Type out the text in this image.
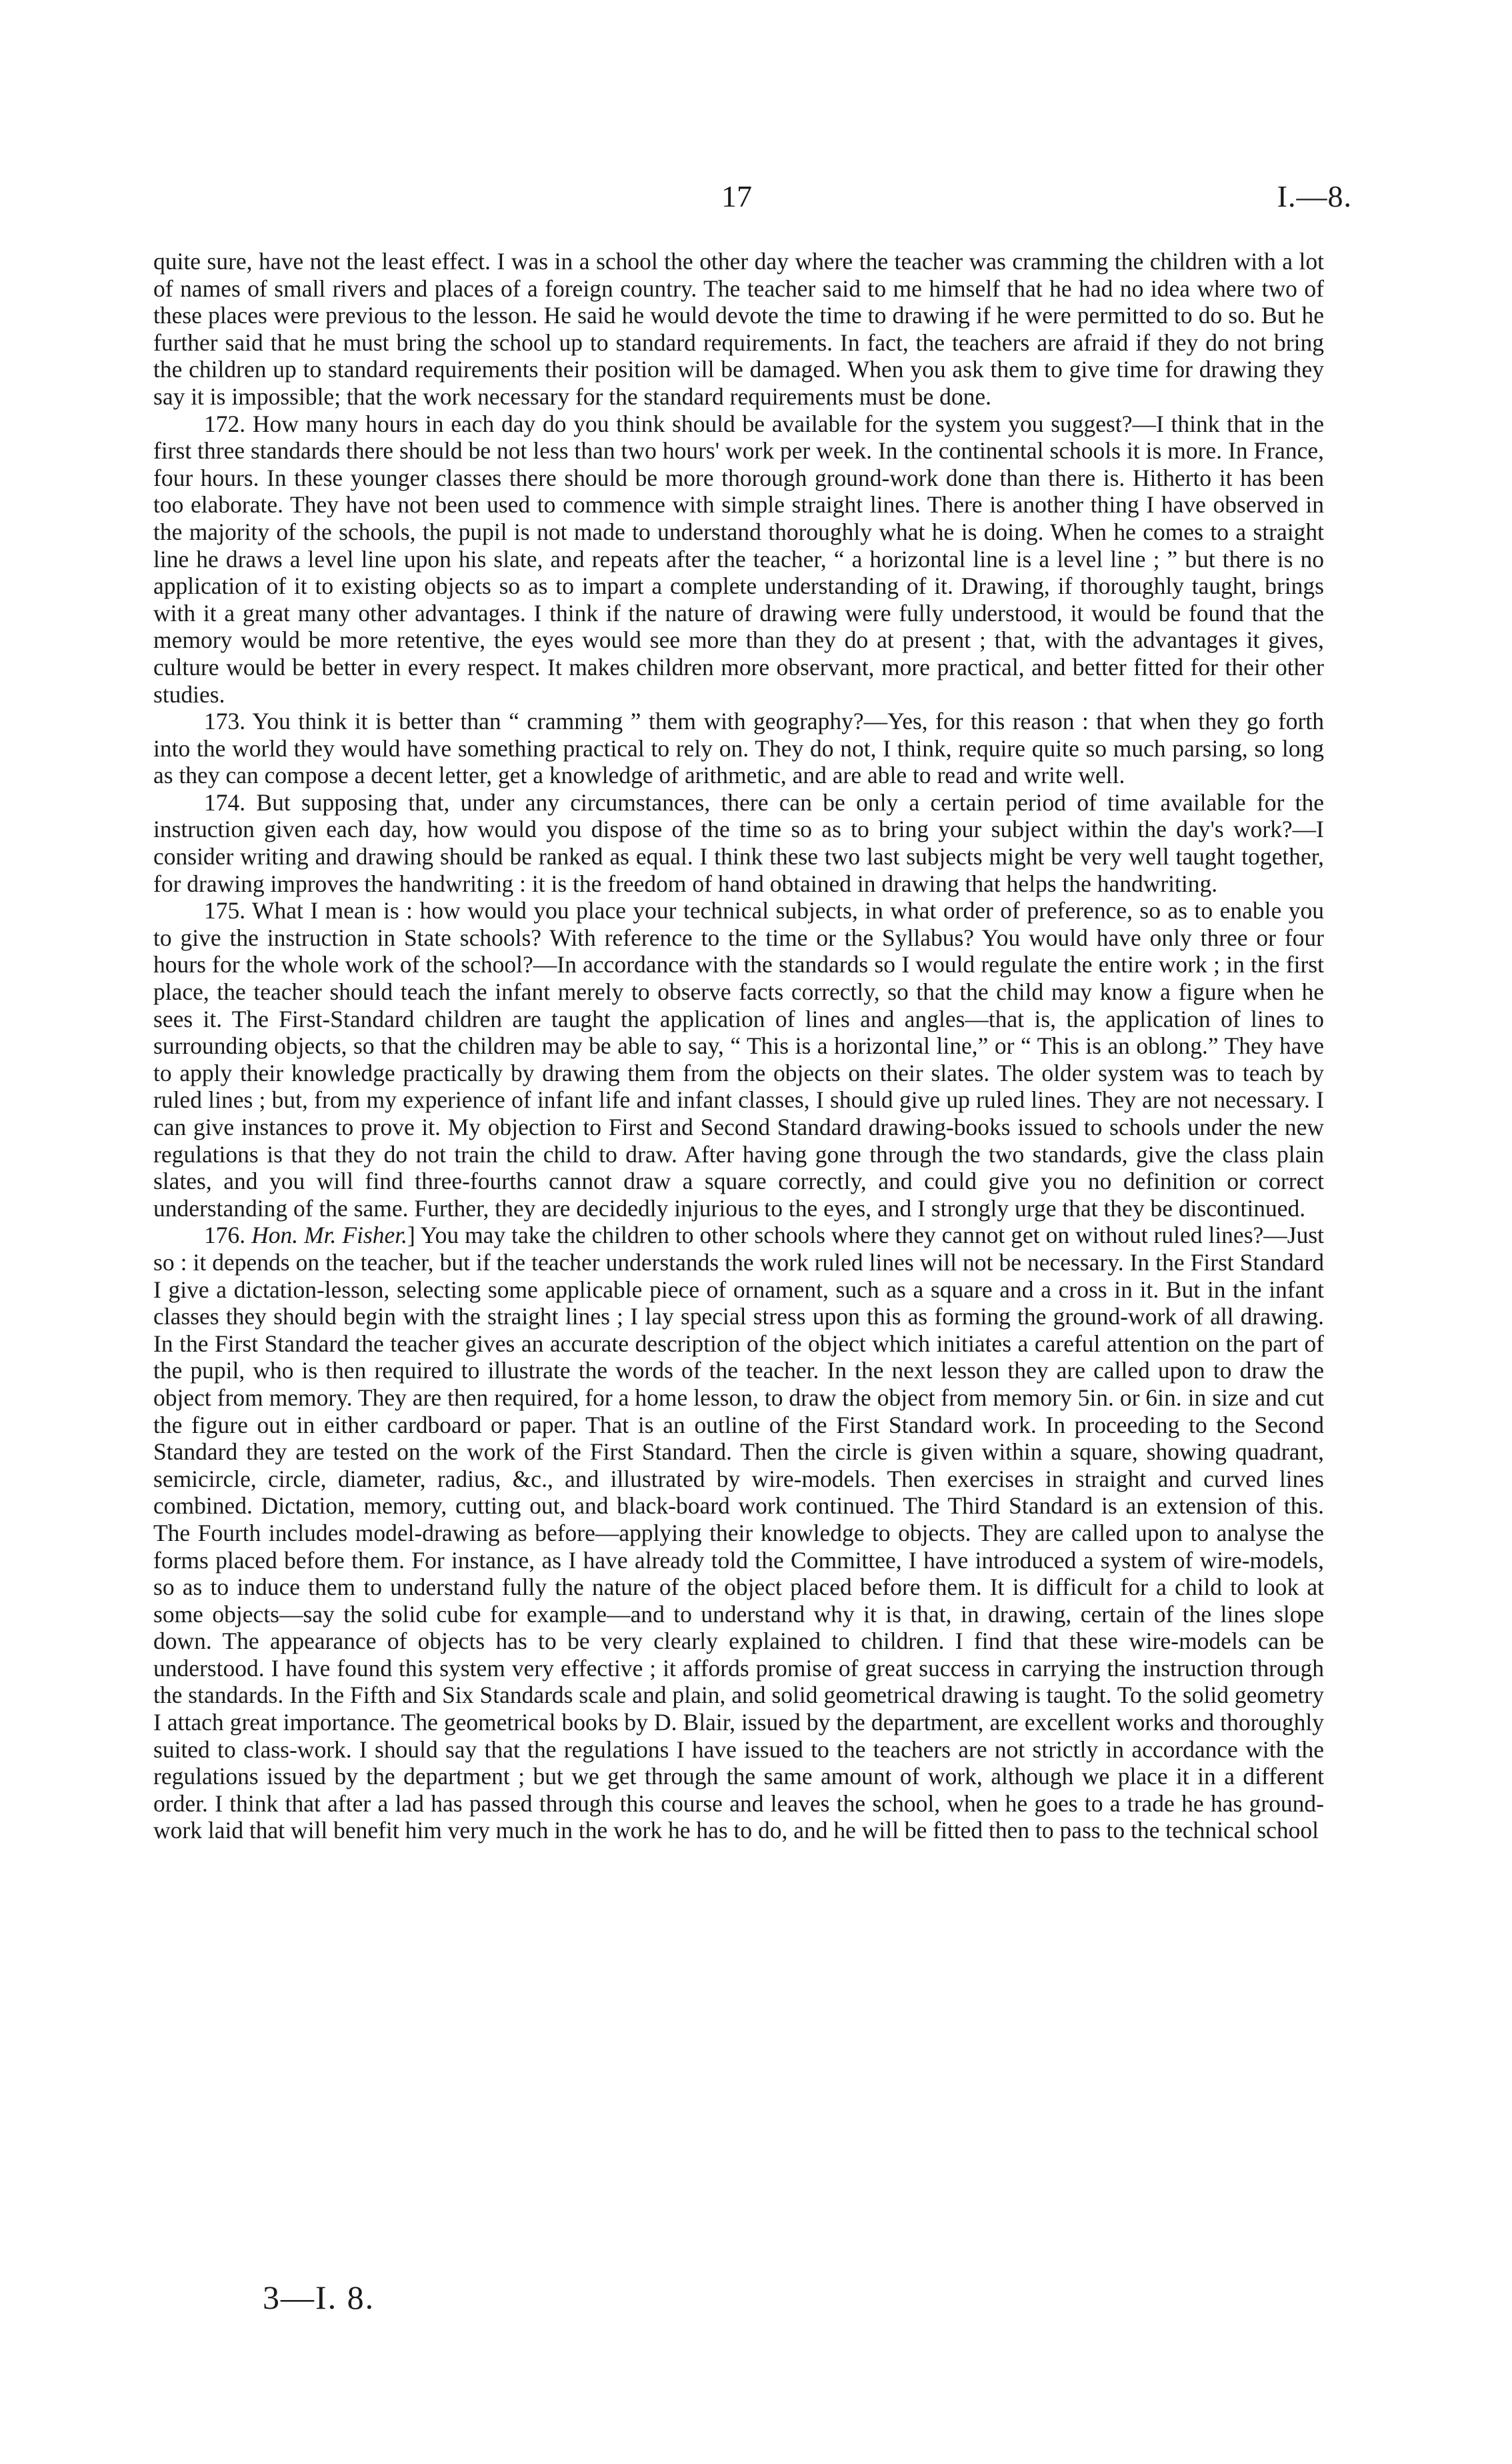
17	I.—8.

quite sure, have not the least effect. I was in a school the other day where the teacher was cramming the children with a lot of names of small rivers and places of a foreign country. The teacher said to me himself that he had no idea where two of these places were previous to the lesson. He said he would devote the time to drawing if he were permitted to do so. But he further said that he must bring the school up to standard requirements. In fact, the teachers are afraid if they do not bring the children up to standard requirements their position will be damaged. When you ask them to give time for drawing they say it is impossible; that the work necessary for the standard requirements must be done.

172. How many hours in each day do you think should be available for the system you suggest?—I think that in the first three standards there should be not less than two hours' work per week. In the continental schools it is more. In France, four hours. In these younger classes there should be more thorough ground-work done than there is. Hitherto it has been too elaborate. They have not been used to commence with simple straight lines. There is another thing I have observed in the majority of the schools, the pupil is not made to understand thoroughly what he is doing. When he comes to a straight line he draws a level line upon his slate, and repeats after the teacher, “ a horizontal line is a level line ; ” but there is no application of it to existing objects so as to impart a complete understanding of it. Drawing, if thoroughly taught, brings with it a great many other advantages. I think if the nature of drawing were fully understood, it would be found that the memory would be more retentive, the eyes would see more than they do at present ; that, with the advantages it gives, culture would be better in every respect. It makes children more observant, more practical, and better fitted for their other studies.

173. You think it is better than “ cramming ” them with geography?—Yes, for this reason : that when they go forth into the world they would have something practical to rely on. They do not, I think, require quite so much parsing, so long as they can compose a decent letter, get a knowledge of arithmetic, and are able to read and write well.

174. But supposing that, under any circumstances, there can be only a certain period of time available for the instruction given each day, how would you dispose of the time so as to bring your subject within the day's work?—I consider writing and drawing should be ranked as equal. I think these two last subjects might be very well taught together, for drawing improves the handwriting : it is the freedom of hand obtained in drawing that helps the handwriting.

175. What I mean is : how would you place your technical subjects, in what order of preference, so as to enable you to give the instruction in State schools? With reference to the time or the Syllabus? You would have only three or four hours for the whole work of the school?—In accordance with the standards so I would regulate the entire work ; in the first place, the teacher should teach the infant merely to observe facts correctly, so that the child may know a figure when he sees it. The First-Standard children are taught the application of lines and angles—that is, the application of lines to surrounding objects, so that the children may be able to say, “ This is a horizontal line,” or “ This is an oblong.” They have to apply their knowledge practically by drawing them from the objects on their slates. The older system was to teach by ruled lines ; but, from my experience of infant life and infant classes, I should give up ruled lines. They are not necessary. I can give instances to prove it. My objection to First and Second Standard drawing-books issued to schools under the new regulations is that they do not train the child to draw. After having gone through the two standards, give the class plain slates, and you will find three-fourths cannot draw a square correctly, and could give you no definition or correct understanding of the same. Further, they are decidedly injurious to the eyes, and I strongly urge that they be discontinued.

176. Hon. Mr. Fisher.] You may take the children to other schools where they cannot get on without ruled lines?—Just so : it depends on the teacher, but if the teacher understands the work ruled lines will not be necessary. In the First Standard I give a dictation-lesson, selecting some applicable piece of ornament, such as a square and a cross in it. But in the infant classes they should begin with the straight lines ; I lay special stress upon this as forming the ground-work of all drawing. In the First Standard the teacher gives an accurate description of the object which initiates a careful attention on the part of the pupil, who is then required to illustrate the words of the teacher. In the next lesson they are called upon to draw the object from memory. They are then required, for a home lesson, to draw the object from memory 5in. or 6in. in size and cut the figure out in either cardboard or paper. That is an outline of the First Standard work. In proceeding to the Second Standard they are tested on the work of the First Standard. Then the circle is given within a square, showing quadrant, semicircle, circle, diameter, radius, &c., and illustrated by wire-models. Then exercises in straight and curved lines combined. Dictation, memory, cutting out, and black-board work continued. The Third Standard is an extension of this. The Fourth includes model-drawing as before—applying their knowledge to objects. They are called upon to analyse the forms placed before them. For instance, as I have already told the Committee, I have introduced a system of wire-models, so as to induce them to understand fully the nature of the object placed before them. It is difficult for a child to look at some objects—say the solid cube for example—and to understand why it is that, in drawing, certain of the lines slope down. The appearance of objects has to be very clearly explained to children. I find that these wire-models can be understood. I have found this system very effective ; it affords promise of great success in carrying the instruction through the standards. In the Fifth and Six Standards scale and plain, and solid geometrical drawing is taught. To the solid geometry I attach great importance. The geometrical books by D. Blair, issued by the department, are excellent works and thoroughly suited to class-work. I should say that the regulations I have issued to the teachers are not strictly in accordance with the regulations issued by the department ; but we get through the same amount of work, although we place it in a different order. I think that after a lad has passed through this course and leaves the school, when he goes to a trade he has ground-work laid that will benefit him very much in the work he has to do, and he will be fitted then to pass to the technical school

3—I. 8.
